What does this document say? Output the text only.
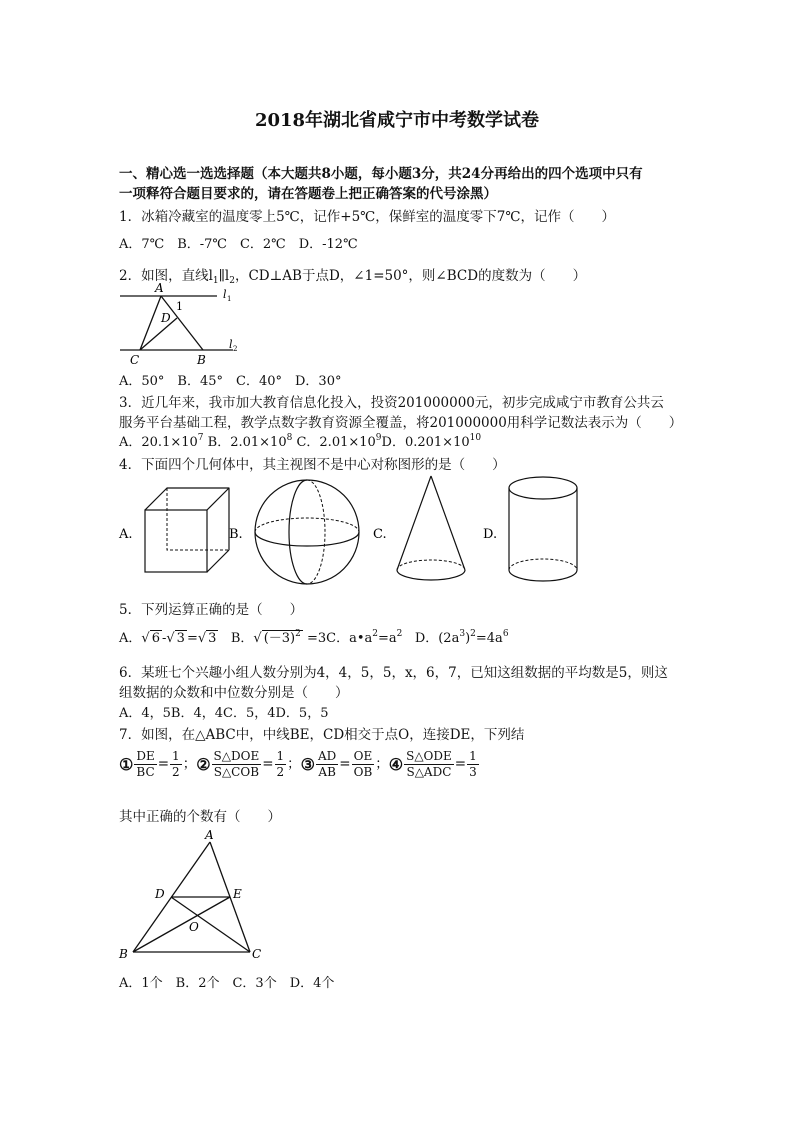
2018年湖北省咸宁市中考数学试卷
一、精心选一选选择题（本大题共8小题，每小题3分，共24分再给出的四个选项中只有
一项释符合题目要求的，请在答题卷上把正确答案的代号涂黑）
1．冰箱冷藏室的温度零上5℃，记作+5℃，保鲜室的温度零下7℃，记作（　　）
A．7℃　B．-7℃　C．2℃　D．-12℃
2．如图，直线$l_1\parallel l_2$，CD⊥AB于点D，∠1=50°，则∠BCD的度数为（　　）
A
1
D
C	B
l 1
l 2
A．50°　B．45°　C．40°　D．30°
3．近几年来，我市加大教育信息化投入，投资201000000元，初步完成咸宁市教育公共云
服务平台基础工程，教学点数字教育资源全覆盖，将201000000用科学记数法表示为（　　）
A．$20.1\times 10^7$ B．$2.01\times 10^8$ C．$2.01\times 10^9D$．$0.201\times 10^{10}$
4．下面四个几何体中，其主视图不是中心对称图形的是（　　）
A.	B.	C.	D.
5．下列运算正确的是（　　）
A．√ 6 -√ 3 =√ 3 B．√ $(-3)^2 =3C$．$a•a^2=a^2$ D．$(2a^3)^2=4a^6$
6．某班七个兴趣小组人数分别为4，4，5，5，x，6，7，已知这组数据的平均数是5，则这
组数据的众数和中位数分别是（　　）
A．4，5B．4，4C．5，4D．5，5
7．如图，在△ABC中，中线BE，CD相交于点O，连接DE，下列结
① $\frac{DE}{BC} = \frac{1}{2}$ ；② $\frac{\text{S△DOE}}{\text{S△COB}} = \frac{1}{2}$ ；③ $\frac{AD}{AB} = \frac{OE}{OB}$ ；④ $\frac{\text{S△ODE}}{\text{S△ADC}} = \frac{1}{3}$
其中正确的个数有（　　）
A
D	E
O
B	C
A．1个　B．2个　C．3个　D．4个
